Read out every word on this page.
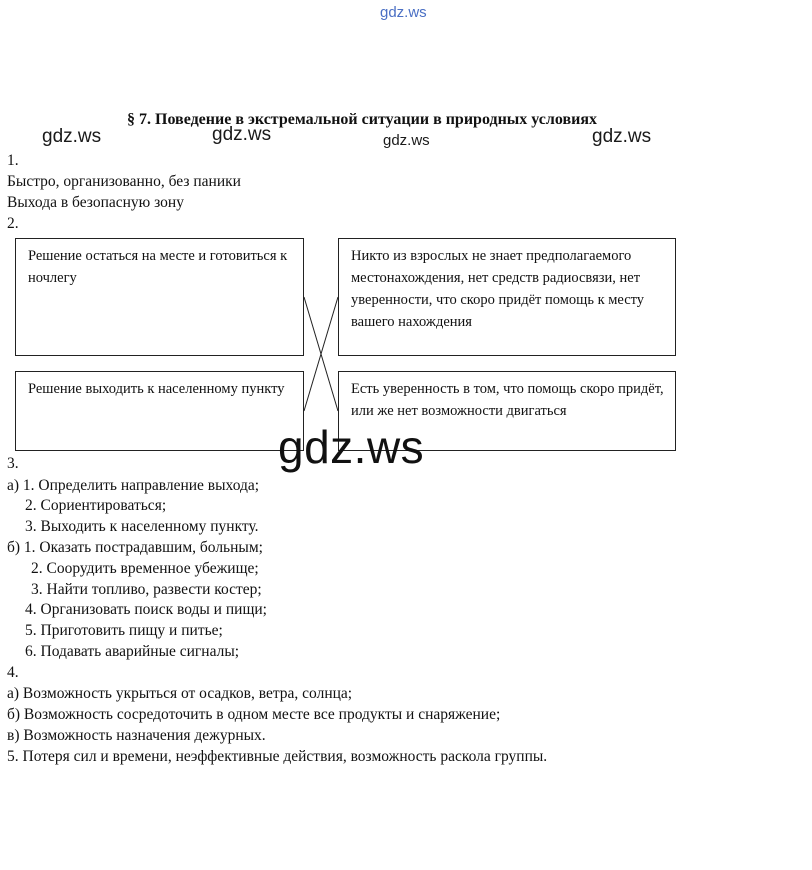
gdz.ws
gdz.ws	gdz.ws	gdz.ws	gdz.ws
§ 7. Поведение в экстремальной ситуации в природных условиях
1.
Быстро, организованно, без паники
Выхода в безопасную зону
2.
Решение остаться на месте и готовиться к ночлегу
Решение выходить к населенному пункту
Никто из взрослых не знает предполагаемого местонахождения, нет средств радиосвязи, нет уверенности, что скоро придёт помощь к месту вашего нахождения
Есть уверенность в том, что помощь скоро придёт, или же нет возможности двигаться
gdz.ws
3.
а) 1. Определить направление выхода;
2. Сориентироваться;
3. Выходить к населенному пункту.
б) 1. Оказать пострадавшим, больным;
2. Соорудить временное убежище;
3. Найти топливо, развести костер;
4. Организовать поиск воды и пищи;
5. Приготовить пищу и питье;
6. Подавать аварийные сигналы;
4.
а) Возможность укрыться от осадков, ветра, солнца;
б) Возможность сосредоточить в одном месте все продукты и снаряжение;
в) Возможность назначения дежурных.
5. Потеря сил и времени, неэффективные действия, возможность раскола группы.
